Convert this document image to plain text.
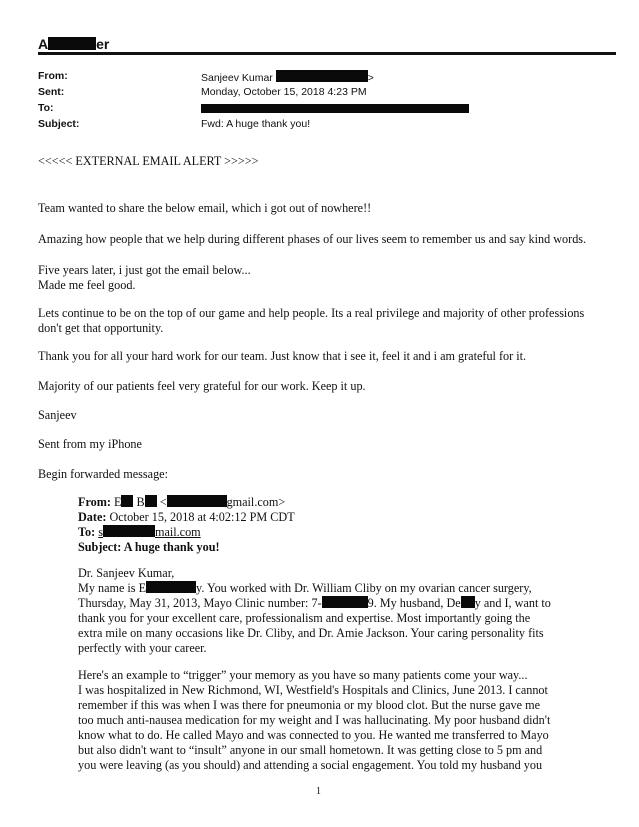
A	er
From:	Sanjeev Kumar	>
Sent:	Monday, October 15, 2018 4:23 PM
To:
Subject:	Fwd: A huge thank you!
<<<<< EXTERNAL EMAIL ALERT >>>>>
Team wanted to share the below email, which i got out of nowhere!!
Amazing how people that we help during different phases of our lives seem to remember us and say kind words.
Five years later, i just got the email below...
Made me feel good.
Lets continue to be on the top of our game and help people. Its a real privilege and majority of other professions
don't get that opportunity.
Thank you for all your hard work for our team. Just know that i see it, feel it and i am grateful for it.
Majority of our patients feel very grateful for our work. Keep it up.
Sanjeev
Sent from my iPhone
Begin forwarded message:
From: E B <	gmail.com>
Date: October 15, 2018 at 4:02:12 PM CDT
To: s	mail.com
Subject: A huge thank you!
Dr. Sanjeev Kumar,
My name is E	y. You worked with Dr. William Cliby on my ovarian cancer surgery,
Thursday, May 31, 2013, Mayo Clinic number: 7-	9. My husband, De y and I, want to
thank you for your excellent care, professionalism and expertise. Most importantly going the
extra mile on many occasions like Dr. Cliby, and Dr. Amie Jackson. Your caring personality fits
perfectly with your career.
Here's an example to “trigger” your memory as you have so many patients come your way...
I was hospitalized in New Richmond, WI, Westfield's Hospitals and Clinics, June 2013. I cannot
remember if this was when I was there for pneumonia or my blood clot. But the nurse gave me
too much anti-nausea medication for my weight and I was hallucinating. My poor husband didn't
know what to do. He called Mayo and was connected to you. He wanted me transferred to Mayo
but also didn't want to “insult” anyone in our small hometown. It was getting close to 5 pm and
you were leaving (as you should) and attending a social engagement. You told my husband you
1
